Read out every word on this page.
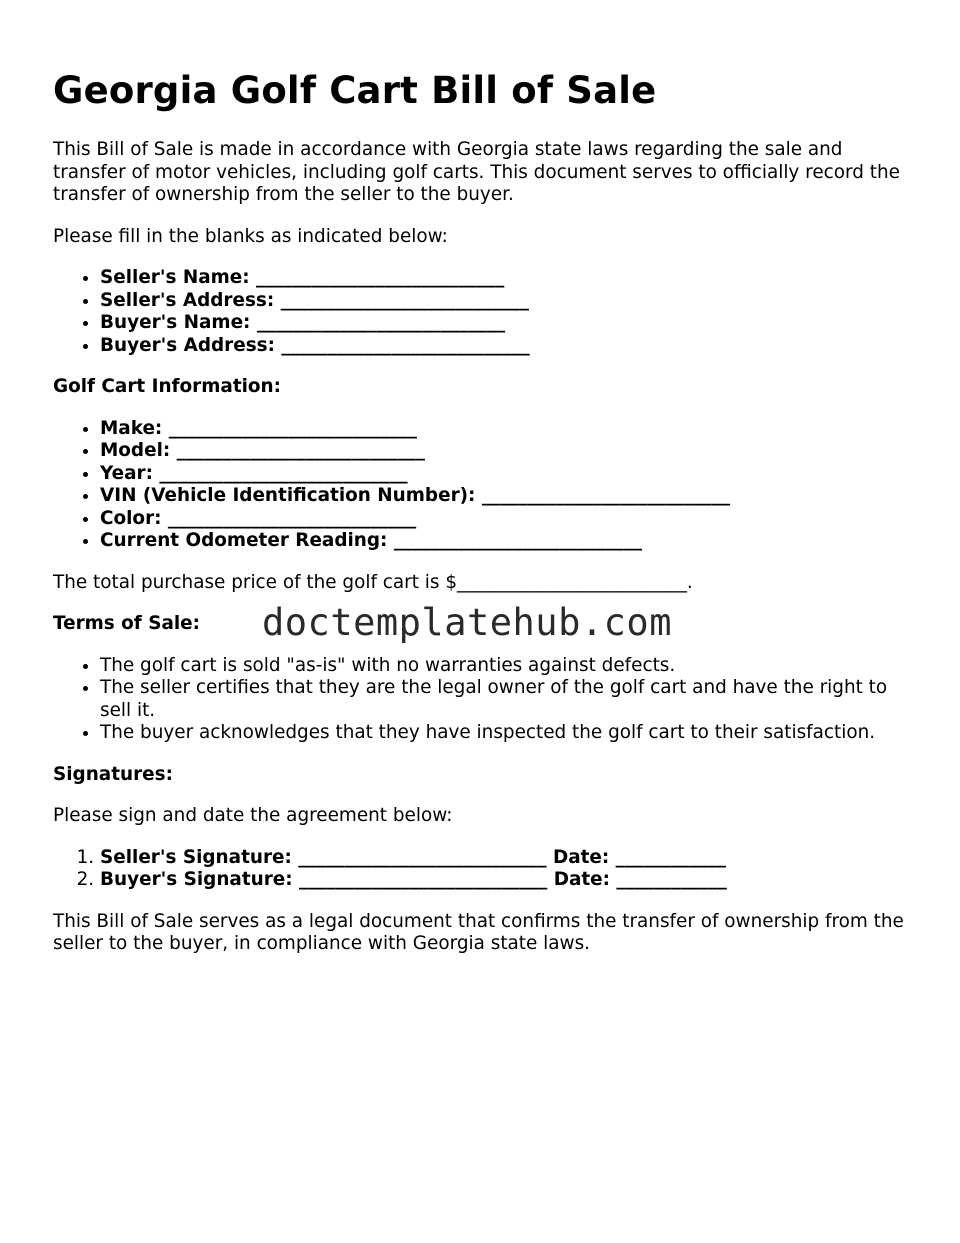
Georgia Golf Cart Bill of Sale

This Bill of Sale is made in accordance with Georgia state laws regarding the sale and transfer of motor vehicles, including golf carts. This document serves to officially record the transfer of ownership from the seller to the buyer.

Please fill in the blanks as indicated below:

• Seller's Name: ___________________________
• Seller's Address: ___________________________
• Buyer's Name: ___________________________
• Buyer's Address: ___________________________
Golf Cart Information:
• Make: ___________________________
• Model: ___________________________
• Year: ___________________________
• VIN (Vehicle Identification Number): ___________________________
• Color: ___________________________
• Current Odometer Reading: ___________________________

The total purchase price of the golf cart is $_________________________.

Terms of Sale: doctemplatehub.com
• The golf cart is sold "as-is" with no warranties against defects.
• The seller certifies that they are the legal owner of the golf cart and have the right to sell it.
• The buyer acknowledges that they have inspected the golf cart to their satisfaction.
Signatures:

Please sign and date the agreement below:

1. Seller's Signature: ___________________________ Date: ____________
2. Buyer's Signature: ___________________________ Date: ____________

This Bill of Sale serves as a legal document that confirms the transfer of ownership from the seller to the buyer, in compliance with Georgia state laws.
